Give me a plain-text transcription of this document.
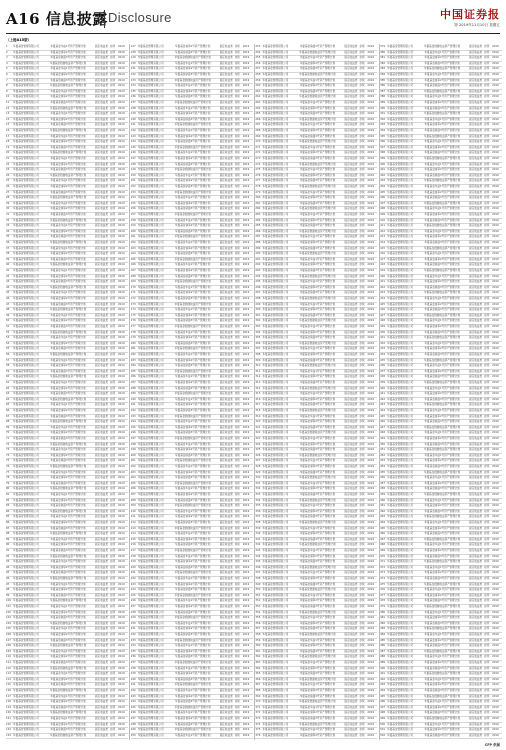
A16 信息披露 Disclosure	中国证券报
第 2019年11月10日 星期五
（上接A15版）
1	华夏基金管理有限公司	华夏基金华益1号资产管理计划	固定收益类 存续	2019
2	华夏基金管理有限公司	华夏基金睿享2号资产管理计划	固定收益类 存续	2019
3	华夏基金管理有限公司	华夏基金鼎盛3号资产管理计划	固定收益类 存续	2019
4	华夏基金管理有限公司	华夏基金稳健收益资产管理计划	固定收益类 存续	2019
5	华夏基金管理有限公司	华夏基金华益1号资产管理计划	固定收益类 存续	2019
6	华夏基金管理有限公司	华夏基金睿享2号资产管理计划	固定收益类 存续	2019
7	华夏基金管理有限公司	华夏基金鼎盛3号资产管理计划	固定收益类 存续	2019
8	华夏基金管理有限公司	华夏基金稳健收益资产管理计划	固定收益类 存续	2019
9	华夏基金管理有限公司	华夏基金华益1号资产管理计划	固定收益类 存续	2019
10	华夏基金管理有限公司	华夏基金睿享2号资产管理计划	固定收益类 存续	2019
11	华夏基金管理有限公司	华夏基金鼎盛3号资产管理计划	固定收益类 存续	2019
12	华夏基金管理有限公司	华夏基金稳健收益资产管理计划	固定收益类 存续	2019
13	华夏基金管理有限公司	华夏基金华益1号资产管理计划	固定收益类 存续	2019
14	华夏基金管理有限公司	华夏基金睿享2号资产管理计划	固定收益类 存续	2019
15	华夏基金管理有限公司	华夏基金鼎盛3号资产管理计划	固定收益类 存续	2019
16	华夏基金管理有限公司	华夏基金稳健收益资产管理计划	固定收益类 存续	2019
17	华夏基金管理有限公司	华夏基金华益1号资产管理计划	固定收益类 存续	2019
18	华夏基金管理有限公司	华夏基金睿享2号资产管理计划	固定收益类 存续	2019
19	华夏基金管理有限公司	华夏基金鼎盛3号资产管理计划	固定收益类 存续	2019
20	华夏基金管理有限公司	华夏基金稳健收益资产管理计划	固定收益类 存续	2019
21	华夏基金管理有限公司	华夏基金华益1号资产管理计划	固定收益类 存续	2019
22	华夏基金管理有限公司	华夏基金睿享2号资产管理计划	固定收益类 存续	2019
23	华夏基金管理有限公司	华夏基金鼎盛3号资产管理计划	固定收益类 存续	2019
24	华夏基金管理有限公司	华夏基金稳健收益资产管理计划	固定收益类 存续	2019
25	华夏基金管理有限公司	华夏基金华益1号资产管理计划	固定收益类 存续	2019
26	华夏基金管理有限公司	华夏基金睿享2号资产管理计划	固定收益类 存续	2019
27	华夏基金管理有限公司	华夏基金鼎盛3号资产管理计划	固定收益类 存续	2019
28	华夏基金管理有限公司	华夏基金稳健收益资产管理计划	固定收益类 存续	2019
29	华夏基金管理有限公司	华夏基金华益1号资产管理计划	固定收益类 存续	2019
30	华夏基金管理有限公司	华夏基金睿享2号资产管理计划	固定收益类 存续	2019
31	华夏基金管理有限公司	华夏基金鼎盛3号资产管理计划	固定收益类 存续	2019
32	华夏基金管理有限公司	华夏基金稳健收益资产管理计划	固定收益类 存续	2019
33	华夏基金管理有限公司	华夏基金华益1号资产管理计划	固定收益类 存续	2019
34	华夏基金管理有限公司	华夏基金睿享2号资产管理计划	固定收益类 存续	2019
35	华夏基金管理有限公司	华夏基金鼎盛3号资产管理计划	固定收益类 存续	2019
36	华夏基金管理有限公司	华夏基金稳健收益资产管理计划	固定收益类 存续	2019
37	华夏基金管理有限公司	华夏基金华益1号资产管理计划	固定收益类 存续	2019
38	华夏基金管理有限公司	华夏基金睿享2号资产管理计划	固定收益类 存续	2019
39	华夏基金管理有限公司	华夏基金鼎盛3号资产管理计划	固定收益类 存续	2019
40	华夏基金管理有限公司	华夏基金稳健收益资产管理计划	固定收益类 存续	2019
41	华夏基金管理有限公司	华夏基金华益1号资产管理计划	固定收益类 存续	2019
42	华夏基金管理有限公司	华夏基金睿享2号资产管理计划	固定收益类 存续	2019
43	华夏基金管理有限公司	华夏基金鼎盛3号资产管理计划	固定收益类 存续	2019
44	华夏基金管理有限公司	华夏基金稳健收益资产管理计划	固定收益类 存续	2019
45	华夏基金管理有限公司	华夏基金华益1号资产管理计划	固定收益类 存续	2019
46	华夏基金管理有限公司	华夏基金睿享2号资产管理计划	固定收益类 存续	2019
47	华夏基金管理有限公司	华夏基金鼎盛3号资产管理计划	固定收益类 存续	2019
48	华夏基金管理有限公司	华夏基金稳健收益资产管理计划	固定收益类 存续	2019
49	华夏基金管理有限公司	华夏基金华益1号资产管理计划	固定收益类 存续	2019
50	华夏基金管理有限公司	华夏基金睿享2号资产管理计划	固定收益类 存续	2019
51	华夏基金管理有限公司	华夏基金鼎盛3号资产管理计划	固定收益类 存续	2019
52	华夏基金管理有限公司	华夏基金稳健收益资产管理计划	固定收益类 存续	2019
53	华夏基金管理有限公司	华夏基金华益1号资产管理计划	固定收益类 存续	2019
54	华夏基金管理有限公司	华夏基金睿享2号资产管理计划	固定收益类 存续	2019
55	华夏基金管理有限公司	华夏基金鼎盛3号资产管理计划	固定收益类 存续	2019
56	华夏基金管理有限公司	华夏基金稳健收益资产管理计划	固定收益类 存续	2019
57	华夏基金管理有限公司	华夏基金华益1号资产管理计划	固定收益类 存续	2019
58	华夏基金管理有限公司	华夏基金睿享2号资产管理计划	固定收益类 存续	2019
59	华夏基金管理有限公司	华夏基金鼎盛3号资产管理计划	固定收益类 存续	2019
60	华夏基金管理有限公司	华夏基金稳健收益资产管理计划	固定收益类 存续	2019
61	华夏基金管理有限公司	华夏基金华益1号资产管理计划	固定收益类 存续	2019
62	华夏基金管理有限公司	华夏基金睿享2号资产管理计划	固定收益类 存续	2019
63	华夏基金管理有限公司	华夏基金鼎盛3号资产管理计划	固定收益类 存续	2019
64	华夏基金管理有限公司	华夏基金稳健收益资产管理计划	固定收益类 存续	2019
65	华夏基金管理有限公司	华夏基金华益1号资产管理计划	固定收益类 存续	2019
66	华夏基金管理有限公司	华夏基金睿享2号资产管理计划	固定收益类 存续	2019
67	华夏基金管理有限公司	华夏基金鼎盛3号资产管理计划	固定收益类 存续	2019
68	华夏基金管理有限公司	华夏基金稳健收益资产管理计划	固定收益类 存续	2019
69	华夏基金管理有限公司	华夏基金华益1号资产管理计划	固定收益类 存续	2019
70	华夏基金管理有限公司	华夏基金睿享2号资产管理计划	固定收益类 存续	2019
71	华夏基金管理有限公司	华夏基金鼎盛3号资产管理计划	固定收益类 存续	2019
72	华夏基金管理有限公司	华夏基金稳健收益资产管理计划	固定收益类 存续	2019
73	华夏基金管理有限公司	华夏基金华益1号资产管理计划	固定收益类 存续	2019
74	华夏基金管理有限公司	华夏基金睿享2号资产管理计划	固定收益类 存续	2019
75	华夏基金管理有限公司	华夏基金鼎盛3号资产管理计划	固定收益类 存续	2019
76	华夏基金管理有限公司	华夏基金稳健收益资产管理计划	固定收益类 存续	2019
77	华夏基金管理有限公司	华夏基金华益1号资产管理计划	固定收益类 存续	2019
78	华夏基金管理有限公司	华夏基金睿享2号资产管理计划	固定收益类 存续	2019
79	华夏基金管理有限公司	华夏基金鼎盛3号资产管理计划	固定收益类 存续	2019
80	华夏基金管理有限公司	华夏基金稳健收益资产管理计划	固定收益类 存续	2019
81	华夏基金管理有限公司	华夏基金华益1号资产管理计划	固定收益类 存续	2019
82	华夏基金管理有限公司	华夏基金睿享2号资产管理计划	固定收益类 存续	2019
83	华夏基金管理有限公司	华夏基金鼎盛3号资产管理计划	固定收益类 存续	2019
84	华夏基金管理有限公司	华夏基金稳健收益资产管理计划	固定收益类 存续	2019
85	华夏基金管理有限公司	华夏基金华益1号资产管理计划	固定收益类 存续	2019
86	华夏基金管理有限公司	华夏基金睿享2号资产管理计划	固定收益类 存续	2019
87	华夏基金管理有限公司	华夏基金鼎盛3号资产管理计划	固定收益类 存续	2019
88	华夏基金管理有限公司	华夏基金稳健收益资产管理计划	固定收益类 存续	2019
89	华夏基金管理有限公司	华夏基金华益1号资产管理计划	固定收益类 存续	2019
90	华夏基金管理有限公司	华夏基金睿享2号资产管理计划	固定收益类 存续	2019
91	华夏基金管理有限公司	华夏基金鼎盛3号资产管理计划	固定收益类 存续	2019
92	华夏基金管理有限公司	华夏基金稳健收益资产管理计划	固定收益类 存续	2019
93	华夏基金管理有限公司	华夏基金华益1号资产管理计划	固定收益类 存续	2019
94	华夏基金管理有限公司	华夏基金睿享2号资产管理计划	固定收益类 存续	2019
95	华夏基金管理有限公司	华夏基金鼎盛3号资产管理计划	固定收益类 存续	2019
96	华夏基金管理有限公司	华夏基金稳健收益资产管理计划	固定收益类 存续	2019
97	华夏基金管理有限公司	华夏基金华益1号资产管理计划	固定收益类 存续	2019
98	华夏基金管理有限公司	华夏基金睿享2号资产管理计划	固定收益类 存续	2019
99	华夏基金管理有限公司	华夏基金鼎盛3号资产管理计划	固定收益类 存续	2019
100 华夏基金管理有限公司	华夏基金稳健收益资产管理计划	固定收益类 存续	2019
101 华夏基金管理有限公司	华夏基金华益1号资产管理计划	固定收益类 存续	2019
102 华夏基金管理有限公司	华夏基金睿享2号资产管理计划	固定收益类 存续	2019
103 华夏基金管理有限公司	华夏基金鼎盛3号资产管理计划	固定收益类 存续	2019
104 华夏基金管理有限公司	华夏基金稳健收益资产管理计划	固定收益类 存续	2019
105 华夏基金管理有限公司	华夏基金华益1号资产管理计划	固定收益类 存续	2019
106 华夏基金管理有限公司	华夏基金睿享2号资产管理计划	固定收益类 存续	2019
107 华夏基金管理有限公司	华夏基金鼎盛3号资产管理计划	固定收益类 存续	2019
108 华夏基金管理有限公司	华夏基金稳健收益资产管理计划	固定收益类 存续	2019
109 华夏基金管理有限公司	华夏基金华益1号资产管理计划	固定收益类 存续	2019
110 华夏基金管理有限公司	华夏基金睿享2号资产管理计划	固定收益类 存续	2019
111 华夏基金管理有限公司	华夏基金鼎盛3号资产管理计划	固定收益类 存续	2019
112 华夏基金管理有限公司	华夏基金稳健收益资产管理计划	固定收益类 存续	2019
113 华夏基金管理有限公司	华夏基金华益1号资产管理计划	固定收益类 存续	2019
114 华夏基金管理有限公司	华夏基金睿享2号资产管理计划	固定收益类 存续	2019
115 华夏基金管理有限公司	华夏基金鼎盛3号资产管理计划	固定收益类 存续	2019
116 华夏基金管理有限公司	华夏基金稳健收益资产管理计划	固定收益类 存续	2019
117 华夏基金管理有限公司	华夏基金华益1号资产管理计划	固定收益类 存续	2019
118 华夏基金管理有限公司	华夏基金睿享2号资产管理计划	固定收益类 存续	2019
119 华夏基金管理有限公司	华夏基金鼎盛3号资产管理计划	固定收益类 存续	2019
120 华夏基金管理有限公司	华夏基金稳健收益资产管理计划	固定收益类 存续	2019
121 华夏基金管理有限公司	华夏基金华益1号资产管理计划	固定收益类 存续	2019
122 华夏基金管理有限公司	华夏基金睿享2号资产管理计划	固定收益类 存续	2019
123 华夏基金管理有限公司	华夏基金鼎盛3号资产管理计划	固定收益类 存续	2019
124 华夏基金管理有限公司	华夏基金稳健收益资产管理计划	固定收益类 存续	2019
127 华夏基金管理有限公司	华夏基金睿享2号资产管理计划	固定收益类 存续	2019
128 华夏基金管理有限公司	华夏基金鼎盛3号资产管理计划	固定收益类 存续	2019
129 华夏基金管理有限公司	华夏基金稳健收益资产管理计划	固定收益类 存续	2019
130 华夏基金管理有限公司	华夏基金华益1号资产管理计划	固定收益类 存续	2019
131 华夏基金管理有限公司	华夏基金睿享2号资产管理计划	固定收益类 存续	2019
132 华夏基金管理有限公司	华夏基金鼎盛3号资产管理计划	固定收益类 存续	2019
133 华夏基金管理有限公司	华夏基金稳健收益资产管理计划	固定收益类 存续	2019
134 华夏基金管理有限公司	华夏基金华益1号资产管理计划	固定收益类 存续	2019
135 华夏基金管理有限公司	华夏基金睿享2号资产管理计划	固定收益类 存续	2019
136 华夏基金管理有限公司	华夏基金鼎盛3号资产管理计划	固定收益类 存续	2019
137 华夏基金管理有限公司	华夏基金稳健收益资产管理计划	固定收益类 存续	2019
138 华夏基金管理有限公司	华夏基金华益1号资产管理计划	固定收益类 存续	2019
139 华夏基金管理有限公司	华夏基金睿享2号资产管理计划	固定收益类 存续	2019
140 华夏基金管理有限公司	华夏基金鼎盛3号资产管理计划	固定收益类 存续	2019
141 华夏基金管理有限公司	华夏基金稳健收益资产管理计划	固定收益类 存续	2019
142 华夏基金管理有限公司	华夏基金华益1号资产管理计划	固定收益类 存续	2019
143 华夏基金管理有限公司	华夏基金睿享2号资产管理计划	固定收益类 存续	2019
144 华夏基金管理有限公司	华夏基金鼎盛3号资产管理计划	固定收益类 存续	2019
145 华夏基金管理有限公司	华夏基金稳健收益资产管理计划	固定收益类 存续	2019
146 华夏基金管理有限公司	华夏基金华益1号资产管理计划	固定收益类 存续	2019
147 华夏基金管理有限公司	华夏基金睿享2号资产管理计划	固定收益类 存续	2019
148 华夏基金管理有限公司	华夏基金鼎盛3号资产管理计划	固定收益类 存续	2019
149 华夏基金管理有限公司	华夏基金稳健收益资产管理计划	固定收益类 存续	2019
150 华夏基金管理有限公司	华夏基金华益1号资产管理计划	固定收益类 存续	2019
151 华夏基金管理有限公司	华夏基金睿享2号资产管理计划	固定收益类 存续	2019
152 华夏基金管理有限公司	华夏基金鼎盛3号资产管理计划	固定收益类 存续	2019
153 华夏基金管理有限公司	华夏基金稳健收益资产管理计划	固定收益类 存续	2019
154 华夏基金管理有限公司	华夏基金华益1号资产管理计划	固定收益类 存续	2019
155 华夏基金管理有限公司	华夏基金睿享2号资产管理计划	固定收益类 存续	2019
156 华夏基金管理有限公司	华夏基金鼎盛3号资产管理计划	固定收益类 存续	2019
157 华夏基金管理有限公司	华夏基金稳健收益资产管理计划	固定收益类 存续	2019
158 华夏基金管理有限公司	华夏基金华益1号资产管理计划	固定收益类 存续	2019
159 华夏基金管理有限公司	华夏基金睿享2号资产管理计划	固定收益类 存续	2019
160 华夏基金管理有限公司	华夏基金鼎盛3号资产管理计划	固定收益类 存续	2019
161 华夏基金管理有限公司	华夏基金稳健收益资产管理计划	固定收益类 存续	2019
162 华夏基金管理有限公司	华夏基金华益1号资产管理计划	固定收益类 存续	2019
163 华夏基金管理有限公司	华夏基金睿享2号资产管理计划	固定收益类 存续	2019
164 华夏基金管理有限公司	华夏基金鼎盛3号资产管理计划	固定收益类 存续	2019
165 华夏基金管理有限公司	华夏基金稳健收益资产管理计划	固定收益类 存续	2019
166 华夏基金管理有限公司	华夏基金华益1号资产管理计划	固定收益类 存续	2019
167 华夏基金管理有限公司	华夏基金睿享2号资产管理计划	固定收益类 存续	2019
168 华夏基金管理有限公司	华夏基金鼎盛3号资产管理计划	固定收益类 存续	2019
169 华夏基金管理有限公司	华夏基金稳健收益资产管理计划	固定收益类 存续	2019
170 华夏基金管理有限公司	华夏基金华益1号资产管理计划	固定收益类 存续	2019
171 华夏基金管理有限公司	华夏基金睿享2号资产管理计划	固定收益类 存续	2019
172 华夏基金管理有限公司	华夏基金鼎盛3号资产管理计划	固定收益类 存续	2019
173 华夏基金管理有限公司	华夏基金稳健收益资产管理计划	固定收益类 存续	2019
174 华夏基金管理有限公司	华夏基金华益1号资产管理计划	固定收益类 存续	2019
175 华夏基金管理有限公司	华夏基金睿享2号资产管理计划	固定收益类 存续	2019
176 华夏基金管理有限公司	华夏基金鼎盛3号资产管理计划	固定收益类 存续	2019
177 华夏基金管理有限公司	华夏基金稳健收益资产管理计划	固定收益类 存续	2019
178 华夏基金管理有限公司	华夏基金华益1号资产管理计划	固定收益类 存续	2019
179 华夏基金管理有限公司	华夏基金睿享2号资产管理计划	固定收益类 存续	2019
180 华夏基金管理有限公司	华夏基金鼎盛3号资产管理计划	固定收益类 存续	2019
181 华夏基金管理有限公司	华夏基金稳健收益资产管理计划	固定收益类 存续	2019
182 华夏基金管理有限公司	华夏基金华益1号资产管理计划	固定收益类 存续	2019
183 华夏基金管理有限公司	华夏基金睿享2号资产管理计划	固定收益类 存续	2019
184 华夏基金管理有限公司	华夏基金鼎盛3号资产管理计划	固定收益类 存续	2019
185 华夏基金管理有限公司	华夏基金稳健收益资产管理计划	固定收益类 存续	2019
186 华夏基金管理有限公司	华夏基金华益1号资产管理计划	固定收益类 存续	2019
187 华夏基金管理有限公司	华夏基金睿享2号资产管理计划	固定收益类 存续	2019
188 华夏基金管理有限公司	华夏基金鼎盛3号资产管理计划	固定收益类 存续	2019
189 华夏基金管理有限公司	华夏基金稳健收益资产管理计划	固定收益类 存续	2019
190 华夏基金管理有限公司	华夏基金华益1号资产管理计划	固定收益类 存续	2019
191 华夏基金管理有限公司	华夏基金睿享2号资产管理计划	固定收益类 存续	2019
192 华夏基金管理有限公司	华夏基金鼎盛3号资产管理计划	固定收益类 存续	2019
193 华夏基金管理有限公司	华夏基金稳健收益资产管理计划	固定收益类 存续	2019
194 华夏基金管理有限公司	华夏基金华益1号资产管理计划	固定收益类 存续	2019
195 华夏基金管理有限公司	华夏基金睿享2号资产管理计划	固定收益类 存续	2019
196 华夏基金管理有限公司	华夏基金鼎盛3号资产管理计划	固定收益类 存续	2019
197 华夏基金管理有限公司	华夏基金稳健收益资产管理计划	固定收益类 存续	2019
198 华夏基金管理有限公司	华夏基金华益1号资产管理计划	固定收益类 存续	2019
199 华夏基金管理有限公司	华夏基金睿享2号资产管理计划	固定收益类 存续	2019
200 华夏基金管理有限公司	华夏基金鼎盛3号资产管理计划	固定收益类 存续	2019
201 华夏基金管理有限公司	华夏基金稳健收益资产管理计划	固定收益类 存续	2019
202 华夏基金管理有限公司	华夏基金华益1号资产管理计划	固定收益类 存续	2019
203 华夏基金管理有限公司	华夏基金睿享2号资产管理计划	固定收益类 存续	2019
204 华夏基金管理有限公司	华夏基金鼎盛3号资产管理计划	固定收益类 存续	2019
205 华夏基金管理有限公司	华夏基金稳健收益资产管理计划	固定收益类 存续	2019
206 华夏基金管理有限公司	华夏基金华益1号资产管理计划	固定收益类 存续	2019
207 华夏基金管理有限公司	华夏基金睿享2号资产管理计划	固定收益类 存续	2019
208 华夏基金管理有限公司	华夏基金鼎盛3号资产管理计划	固定收益类 存续	2019
209 华夏基金管理有限公司	华夏基金稳健收益资产管理计划	固定收益类 存续	2019
210 华夏基金管理有限公司	华夏基金华益1号资产管理计划	固定收益类 存续	2019
211 华夏基金管理有限公司	华夏基金睿享2号资产管理计划	固定收益类 存续	2019
212 华夏基金管理有限公司	华夏基金鼎盛3号资产管理计划	固定收益类 存续	2019
213 华夏基金管理有限公司	华夏基金稳健收益资产管理计划	固定收益类 存续	2019
214 华夏基金管理有限公司	华夏基金华益1号资产管理计划	固定收益类 存续	2019
215 华夏基金管理有限公司	华夏基金睿享2号资产管理计划	固定收益类 存续	2019
216 华夏基金管理有限公司	华夏基金鼎盛3号资产管理计划	固定收益类 存续	2019
217 华夏基金管理有限公司	华夏基金稳健收益资产管理计划	固定收益类 存续	2019
218 华夏基金管理有限公司	华夏基金华益1号资产管理计划	固定收益类 存续	2019
219 华夏基金管理有限公司	华夏基金睿享2号资产管理计划	固定收益类 存续	2019
220 华夏基金管理有限公司	华夏基金鼎盛3号资产管理计划	固定收益类 存续	2019
221 华夏基金管理有限公司	华夏基金稳健收益资产管理计划	固定收益类 存续	2019
222 华夏基金管理有限公司	华夏基金华益1号资产管理计划	固定收益类 存续	2019
223 华夏基金管理有限公司	华夏基金睿享2号资产管理计划	固定收益类 存续	2019
224 华夏基金管理有限公司	华夏基金鼎盛3号资产管理计划	固定收益类 存续	2019
225 华夏基金管理有限公司	华夏基金稳健收益资产管理计划	固定收益类 存续	2019
226 华夏基金管理有限公司	华夏基金华益1号资产管理计划	固定收益类 存续	2019
227 华夏基金管理有限公司	华夏基金睿享2号资产管理计划	固定收益类 存续	2019
228 华夏基金管理有限公司	华夏基金鼎盛3号资产管理计划	固定收益类 存续	2019
229 华夏基金管理有限公司	华夏基金稳健收益资产管理计划	固定收益类 存续	2019
230 华夏基金管理有限公司	华夏基金华益1号资产管理计划	固定收益类 存续	2019
231 华夏基金管理有限公司	华夏基金睿享2号资产管理计划	固定收益类 存续	2019
232 华夏基金管理有限公司	华夏基金鼎盛3号资产管理计划	固定收益类 存续	2019
233 华夏基金管理有限公司	华夏基金稳健收益资产管理计划	固定收益类 存续	2019
234 华夏基金管理有限公司	华夏基金华益1号资产管理计划	固定收益类 存续	2019
235 华夏基金管理有限公司	华夏基金睿享2号资产管理计划	固定收益类 存续	2019
236 华夏基金管理有限公司	华夏基金鼎盛3号资产管理计划	固定收益类 存续	2019
237 华夏基金管理有限公司	华夏基金稳健收益资产管理计划	固定收益类 存续	2019
238 华夏基金管理有限公司	华夏基金华益1号资产管理计划	固定收益类 存续	2019
239 华夏基金管理有限公司	华夏基金睿享2号资产管理计划	固定收益类 存续	2019
240 华夏基金管理有限公司	华夏基金鼎盛3号资产管理计划	固定收益类 存续	2019
241 华夏基金管理有限公司	华夏基金稳健收益资产管理计划	固定收益类 存续	2019
242 华夏基金管理有限公司	华夏基金华益1号资产管理计划	固定收益类 存续	2019
243 华夏基金管理有限公司	华夏基金睿享2号资产管理计划	固定收益类 存续	2019
244 华夏基金管理有限公司	华夏基金鼎盛3号资产管理计划	固定收益类 存续	2019
245 华夏基金管理有限公司	华夏基金稳健收益资产管理计划	固定收益类 存续	2019
246 华夏基金管理有限公司	华夏基金华益1号资产管理计划	固定收益类 存续	2019
247 华夏基金管理有限公司	华夏基金睿享2号资产管理计划	固定收益类 存续	2019
248 华夏基金管理有限公司	华夏基金鼎盛3号资产管理计划	固定收益类 存续	2019
249 华夏基金管理有限公司	华夏基金稳健收益资产管理计划	固定收益类 存续	2019
250 华夏基金管理有限公司	华夏基金华益1号资产管理计划	固定收益类 存续	2019
253 华夏基金管理有限公司	华夏基金鼎盛3号资产管理计划	固定收益类 存续	2019
254 华夏基金管理有限公司	华夏基金稳健收益资产管理计划	固定收益类 存续	2019
255 华夏基金管理有限公司	华夏基金华益1号资产管理计划	固定收益类 存续	2019
256 华夏基金管理有限公司	华夏基金睿享2号资产管理计划	固定收益类 存续	2019
257 华夏基金管理有限公司	华夏基金鼎盛3号资产管理计划	固定收益类 存续	2019
258 华夏基金管理有限公司	华夏基金稳健收益资产管理计划	固定收益类 存续	2019
259 华夏基金管理有限公司	华夏基金华益1号资产管理计划	固定收益类 存续	2019
260 华夏基金管理有限公司	华夏基金睿享2号资产管理计划	固定收益类 存续	2019
261 华夏基金管理有限公司	华夏基金鼎盛3号资产管理计划	固定收益类 存续	2019
262 华夏基金管理有限公司	华夏基金稳健收益资产管理计划	固定收益类 存续	2019
263 华夏基金管理有限公司	华夏基金华益1号资产管理计划	固定收益类 存续	2019
264 华夏基金管理有限公司	华夏基金睿享2号资产管理计划	固定收益类 存续	2019
265 华夏基金管理有限公司	华夏基金鼎盛3号资产管理计划	固定收益类 存续	2019
266 华夏基金管理有限公司	华夏基金稳健收益资产管理计划	固定收益类 存续	2019
267 华夏基金管理有限公司	华夏基金华益1号资产管理计划	固定收益类 存续	2019
268 华夏基金管理有限公司	华夏基金睿享2号资产管理计划	固定收益类 存续	2019
269 华夏基金管理有限公司	华夏基金鼎盛3号资产管理计划	固定收益类 存续	2019
270 华夏基金管理有限公司	华夏基金稳健收益资产管理计划	固定收益类 存续	2019
271 华夏基金管理有限公司	华夏基金华益1号资产管理计划	固定收益类 存续	2019
272 华夏基金管理有限公司	华夏基金睿享2号资产管理计划	固定收益类 存续	2019
273 华夏基金管理有限公司	华夏基金鼎盛3号资产管理计划	固定收益类 存续	2019
274 华夏基金管理有限公司	华夏基金稳健收益资产管理计划	固定收益类 存续	2019
275 华夏基金管理有限公司	华夏基金华益1号资产管理计划	固定收益类 存续	2019
276 华夏基金管理有限公司	华夏基金睿享2号资产管理计划	固定收益类 存续	2019
277 华夏基金管理有限公司	华夏基金鼎盛3号资产管理计划	固定收益类 存续	2019
278 华夏基金管理有限公司	华夏基金稳健收益资产管理计划	固定收益类 存续	2019
279 华夏基金管理有限公司	华夏基金华益1号资产管理计划	固定收益类 存续	2019
280 华夏基金管理有限公司	华夏基金睿享2号资产管理计划	固定收益类 存续	2019
281 华夏基金管理有限公司	华夏基金鼎盛3号资产管理计划	固定收益类 存续	2019
282 华夏基金管理有限公司	华夏基金稳健收益资产管理计划	固定收益类 存续	2019
283 华夏基金管理有限公司	华夏基金华益1号资产管理计划	固定收益类 存续	2019
284 华夏基金管理有限公司	华夏基金睿享2号资产管理计划	固定收益类 存续	2019
285 华夏基金管理有限公司	华夏基金鼎盛3号资产管理计划	固定收益类 存续	2019
286 华夏基金管理有限公司	华夏基金稳健收益资产管理计划	固定收益类 存续	2019
287 华夏基金管理有限公司	华夏基金华益1号资产管理计划	固定收益类 存续	2019
288 华夏基金管理有限公司	华夏基金睿享2号资产管理计划	固定收益类 存续	2019
289 华夏基金管理有限公司	华夏基金鼎盛3号资产管理计划	固定收益类 存续	2019
290 华夏基金管理有限公司	华夏基金稳健收益资产管理计划	固定收益类 存续	2019
291 华夏基金管理有限公司	华夏基金华益1号资产管理计划	固定收益类 存续	2019
292 华夏基金管理有限公司	华夏基金睿享2号资产管理计划	固定收益类 存续	2019
293 华夏基金管理有限公司	华夏基金鼎盛3号资产管理计划	固定收益类 存续	2019
294 华夏基金管理有限公司	华夏基金稳健收益资产管理计划	固定收益类 存续	2019
295 华夏基金管理有限公司	华夏基金华益1号资产管理计划	固定收益类 存续	2019
296 华夏基金管理有限公司	华夏基金睿享2号资产管理计划	固定收益类 存续	2019
297 华夏基金管理有限公司	华夏基金鼎盛3号资产管理计划	固定收益类 存续	2019
298 华夏基金管理有限公司	华夏基金稳健收益资产管理计划	固定收益类 存续	2019
299 华夏基金管理有限公司	华夏基金华益1号资产管理计划	固定收益类 存续	2019
300 华夏基金管理有限公司	华夏基金睿享2号资产管理计划	固定收益类 存续	2019
301 华夏基金管理有限公司	华夏基金鼎盛3号资产管理计划	固定收益类 存续	2019
302 华夏基金管理有限公司	华夏基金稳健收益资产管理计划	固定收益类 存续	2019
303 华夏基金管理有限公司	华夏基金华益1号资产管理计划	固定收益类 存续	2019
304 华夏基金管理有限公司	华夏基金睿享2号资产管理计划	固定收益类 存续	2019
305 华夏基金管理有限公司	华夏基金鼎盛3号资产管理计划	固定收益类 存续	2019
306 华夏基金管理有限公司	华夏基金稳健收益资产管理计划	固定收益类 存续	2019
307 华夏基金管理有限公司	华夏基金华益1号资产管理计划	固定收益类 存续	2019
308 华夏基金管理有限公司	华夏基金睿享2号资产管理计划	固定收益类 存续	2019
309 华夏基金管理有限公司	华夏基金鼎盛3号资产管理计划	固定收益类 存续	2019
310 华夏基金管理有限公司	华夏基金稳健收益资产管理计划	固定收益类 存续	2019
311 华夏基金管理有限公司	华夏基金华益1号资产管理计划	固定收益类 存续	2019
312 华夏基金管理有限公司	华夏基金睿享2号资产管理计划	固定收益类 存续	2019
313 华夏基金管理有限公司	华夏基金鼎盛3号资产管理计划	固定收益类 存续	2019
314 华夏基金管理有限公司	华夏基金稳健收益资产管理计划	固定收益类 存续	2019
315 华夏基金管理有限公司	华夏基金华益1号资产管理计划	固定收益类 存续	2019
316 华夏基金管理有限公司	华夏基金睿享2号资产管理计划	固定收益类 存续	2019
317 华夏基金管理有限公司	华夏基金鼎盛3号资产管理计划	固定收益类 存续	2019
318 华夏基金管理有限公司	华夏基金稳健收益资产管理计划	固定收益类 存续	2019
319 华夏基金管理有限公司	华夏基金华益1号资产管理计划	固定收益类 存续	2019
320 华夏基金管理有限公司	华夏基金睿享2号资产管理计划	固定收益类 存续	2019
321 华夏基金管理有限公司	华夏基金鼎盛3号资产管理计划	固定收益类 存续	2019
322 华夏基金管理有限公司	华夏基金稳健收益资产管理计划	固定收益类 存续	2019
323 华夏基金管理有限公司	华夏基金华益1号资产管理计划	固定收益类 存续	2019
324 华夏基金管理有限公司	华夏基金睿享2号资产管理计划	固定收益类 存续	2019
325 华夏基金管理有限公司	华夏基金鼎盛3号资产管理计划	固定收益类 存续	2019
326 华夏基金管理有限公司	华夏基金稳健收益资产管理计划	固定收益类 存续	2019
327 华夏基金管理有限公司	华夏基金华益1号资产管理计划	固定收益类 存续	2019
328 华夏基金管理有限公司	华夏基金睿享2号资产管理计划	固定收益类 存续	2019
329 华夏基金管理有限公司	华夏基金鼎盛3号资产管理计划	固定收益类 存续	2019
330 华夏基金管理有限公司	华夏基金稳健收益资产管理计划	固定收益类 存续	2019
331 华夏基金管理有限公司	华夏基金华益1号资产管理计划	固定收益类 存续	2019
332 华夏基金管理有限公司	华夏基金睿享2号资产管理计划	固定收益类 存续	2019
333 华夏基金管理有限公司	华夏基金鼎盛3号资产管理计划	固定收益类 存续	2019
334 华夏基金管理有限公司	华夏基金稳健收益资产管理计划	固定收益类 存续	2019
335 华夏基金管理有限公司	华夏基金华益1号资产管理计划	固定收益类 存续	2019
336 华夏基金管理有限公司	华夏基金睿享2号资产管理计划	固定收益类 存续	2019
337 华夏基金管理有限公司	华夏基金鼎盛3号资产管理计划	固定收益类 存续	2019
338 华夏基金管理有限公司	华夏基金稳健收益资产管理计划	固定收益类 存续	2019
339 华夏基金管理有限公司	华夏基金华益1号资产管理计划	固定收益类 存续	2019
340 华夏基金管理有限公司	华夏基金睿享2号资产管理计划	固定收益类 存续	2019
341 华夏基金管理有限公司	华夏基金鼎盛3号资产管理计划	固定收益类 存续	2019
342 华夏基金管理有限公司	华夏基金稳健收益资产管理计划	固定收益类 存续	2019
343 华夏基金管理有限公司	华夏基金华益1号资产管理计划	固定收益类 存续	2019
344 华夏基金管理有限公司	华夏基金睿享2号资产管理计划	固定收益类 存续	2019
345 华夏基金管理有限公司	华夏基金鼎盛3号资产管理计划	固定收益类 存续	2019
346 华夏基金管理有限公司	华夏基金稳健收益资产管理计划	固定收益类 存续	2019
347 华夏基金管理有限公司	华夏基金华益1号资产管理计划	固定收益类 存续	2019
348 华夏基金管理有限公司	华夏基金睿享2号资产管理计划	固定收益类 存续	2019
349 华夏基金管理有限公司	华夏基金鼎盛3号资产管理计划	固定收益类 存续	2019
350 华夏基金管理有限公司	华夏基金稳健收益资产管理计划	固定收益类 存续	2019
351 华夏基金管理有限公司	华夏基金华益1号资产管理计划	固定收益类 存续	2019
352 华夏基金管理有限公司	华夏基金睿享2号资产管理计划	固定收益类 存续	2019
353 华夏基金管理有限公司	华夏基金鼎盛3号资产管理计划	固定收益类 存续	2019
354 华夏基金管理有限公司	华夏基金稳健收益资产管理计划	固定收益类 存续	2019
355 华夏基金管理有限公司	华夏基金华益1号资产管理计划	固定收益类 存续	2019
356 华夏基金管理有限公司	华夏基金睿享2号资产管理计划	固定收益类 存续	2019
357 华夏基金管理有限公司	华夏基金鼎盛3号资产管理计划	固定收益类 存续	2019
358 华夏基金管理有限公司	华夏基金稳健收益资产管理计划	固定收益类 存续	2019
359 华夏基金管理有限公司	华夏基金华益1号资产管理计划	固定收益类 存续	2019
360 华夏基金管理有限公司	华夏基金睿享2号资产管理计划	固定收益类 存续	2019
361 华夏基金管理有限公司	华夏基金鼎盛3号资产管理计划	固定收益类 存续	2019
362 华夏基金管理有限公司	华夏基金稳健收益资产管理计划	固定收益类 存续	2019
363 华夏基金管理有限公司	华夏基金华益1号资产管理计划	固定收益类 存续	2019
364 华夏基金管理有限公司	华夏基金睿享2号资产管理计划	固定收益类 存续	2019
365 华夏基金管理有限公司	华夏基金鼎盛3号资产管理计划	固定收益类 存续	2019
366 华夏基金管理有限公司	华夏基金稳健收益资产管理计划	固定收益类 存续	2019
367 华夏基金管理有限公司	华夏基金华益1号资产管理计划	固定收益类 存续	2019
368 华夏基金管理有限公司	华夏基金睿享2号资产管理计划	固定收益类 存续	2019
369 华夏基金管理有限公司	华夏基金鼎盛3号资产管理计划	固定收益类 存续	2019
370 华夏基金管理有限公司	华夏基金稳健收益资产管理计划	固定收益类 存续	2019
371 华夏基金管理有限公司	华夏基金华益1号资产管理计划	固定收益类 存续	2019
372 华夏基金管理有限公司	华夏基金睿享2号资产管理计划	固定收益类 存续	2019
373 华夏基金管理有限公司	华夏基金鼎盛3号资产管理计划	固定收益类 存续	2019
374 华夏基金管理有限公司	华夏基金稳健收益资产管理计划	固定收益类 存续	2019
375 华夏基金管理有限公司	华夏基金华益1号资产管理计划	固定收益类 存续	2019
376 华夏基金管理有限公司	华夏基金睿享2号资产管理计划	固定收益类 存续	2019
379 华夏基金管理有限公司	华夏基金稳健收益资产管理计划	固定收益类 存续	2019
380 华夏基金管理有限公司	华夏基金华益1号资产管理计划	固定收益类 存续	2019
381 华夏基金管理有限公司	华夏基金睿享2号资产管理计划	固定收益类 存续	2019
382 华夏基金管理有限公司	华夏基金鼎盛3号资产管理计划	固定收益类 存续	2019
383 华夏基金管理有限公司	华夏基金稳健收益资产管理计划	固定收益类 存续	2019
384 华夏基金管理有限公司	华夏基金华益1号资产管理计划	固定收益类 存续	2019
385 华夏基金管理有限公司	华夏基金睿享2号资产管理计划	固定收益类 存续	2019
386 华夏基金管理有限公司	华夏基金鼎盛3号资产管理计划	固定收益类 存续	2019
387 华夏基金管理有限公司	华夏基金稳健收益资产管理计划	固定收益类 存续	2019
388 华夏基金管理有限公司	华夏基金华益1号资产管理计划	固定收益类 存续	2019
389 华夏基金管理有限公司	华夏基金睿享2号资产管理计划	固定收益类 存续	2019
390 华夏基金管理有限公司	华夏基金鼎盛3号资产管理计划	固定收益类 存续	2019
391 华夏基金管理有限公司	华夏基金稳健收益资产管理计划	固定收益类 存续	2019
392 华夏基金管理有限公司	华夏基金华益1号资产管理计划	固定收益类 存续	2019
393 华夏基金管理有限公司	华夏基金睿享2号资产管理计划	固定收益类 存续	2019
394 华夏基金管理有限公司	华夏基金鼎盛3号资产管理计划	固定收益类 存续	2019
395 华夏基金管理有限公司	华夏基金稳健收益资产管理计划	固定收益类 存续	2019
396 华夏基金管理有限公司	华夏基金华益1号资产管理计划	固定收益类 存续	2019
397 华夏基金管理有限公司	华夏基金睿享2号资产管理计划	固定收益类 存续	2019
398 华夏基金管理有限公司	华夏基金鼎盛3号资产管理计划	固定收益类 存续	2019
399 华夏基金管理有限公司	华夏基金稳健收益资产管理计划	固定收益类 存续	2019
400 华夏基金管理有限公司	华夏基金华益1号资产管理计划	固定收益类 存续	2019
401 华夏基金管理有限公司	华夏基金睿享2号资产管理计划	固定收益类 存续	2019
402 华夏基金管理有限公司	华夏基金鼎盛3号资产管理计划	固定收益类 存续	2019
403 华夏基金管理有限公司	华夏基金稳健收益资产管理计划	固定收益类 存续	2019
404 华夏基金管理有限公司	华夏基金华益1号资产管理计划	固定收益类 存续	2019
405 华夏基金管理有限公司	华夏基金睿享2号资产管理计划	固定收益类 存续	2019
406 华夏基金管理有限公司	华夏基金鼎盛3号资产管理计划	固定收益类 存续	2019
407 华夏基金管理有限公司	华夏基金稳健收益资产管理计划	固定收益类 存续	2019
408 华夏基金管理有限公司	华夏基金华益1号资产管理计划	固定收益类 存续	2019
409 华夏基金管理有限公司	华夏基金睿享2号资产管理计划	固定收益类 存续	2019
410 华夏基金管理有限公司	华夏基金鼎盛3号资产管理计划	固定收益类 存续	2019
411 华夏基金管理有限公司	华夏基金稳健收益资产管理计划	固定收益类 存续	2019
412 华夏基金管理有限公司	华夏基金华益1号资产管理计划	固定收益类 存续	2019
413 华夏基金管理有限公司	华夏基金睿享2号资产管理计划	固定收益类 存续	2019
414 华夏基金管理有限公司	华夏基金鼎盛3号资产管理计划	固定收益类 存续	2019
415 华夏基金管理有限公司	华夏基金稳健收益资产管理计划	固定收益类 存续	2019
416 华夏基金管理有限公司	华夏基金华益1号资产管理计划	固定收益类 存续	2019
417 华夏基金管理有限公司	华夏基金睿享2号资产管理计划	固定收益类 存续	2019
418 华夏基金管理有限公司	华夏基金鼎盛3号资产管理计划	固定收益类 存续	2019
419 华夏基金管理有限公司	华夏基金稳健收益资产管理计划	固定收益类 存续	2019
420 华夏基金管理有限公司	华夏基金华益1号资产管理计划	固定收益类 存续	2019
421 华夏基金管理有限公司	华夏基金睿享2号资产管理计划	固定收益类 存续	2019
422 华夏基金管理有限公司	华夏基金鼎盛3号资产管理计划	固定收益类 存续	2019
423 华夏基金管理有限公司	华夏基金稳健收益资产管理计划	固定收益类 存续	2019
424 华夏基金管理有限公司	华夏基金华益1号资产管理计划	固定收益类 存续	2019
425 华夏基金管理有限公司	华夏基金睿享2号资产管理计划	固定收益类 存续	2019
426 华夏基金管理有限公司	华夏基金鼎盛3号资产管理计划	固定收益类 存续	2019
427 华夏基金管理有限公司	华夏基金稳健收益资产管理计划	固定收益类 存续	2019
428 华夏基金管理有限公司	华夏基金华益1号资产管理计划	固定收益类 存续	2019
429 华夏基金管理有限公司	华夏基金睿享2号资产管理计划	固定收益类 存续	2019
430 华夏基金管理有限公司	华夏基金鼎盛3号资产管理计划	固定收益类 存续	2019
431 华夏基金管理有限公司	华夏基金稳健收益资产管理计划	固定收益类 存续	2019
432 华夏基金管理有限公司	华夏基金华益1号资产管理计划	固定收益类 存续	2019
433 华夏基金管理有限公司	华夏基金睿享2号资产管理计划	固定收益类 存续	2019
434 华夏基金管理有限公司	华夏基金鼎盛3号资产管理计划	固定收益类 存续	2019
435 华夏基金管理有限公司	华夏基金稳健收益资产管理计划	固定收益类 存续	2019
436 华夏基金管理有限公司	华夏基金华益1号资产管理计划	固定收益类 存续	2019
437 华夏基金管理有限公司	华夏基金睿享2号资产管理计划	固定收益类 存续	2019
438 华夏基金管理有限公司	华夏基金鼎盛3号资产管理计划	固定收益类 存续	2019
439 华夏基金管理有限公司	华夏基金稳健收益资产管理计划	固定收益类 存续	2019
440 华夏基金管理有限公司	华夏基金华益1号资产管理计划	固定收益类 存续	2019
441 华夏基金管理有限公司	华夏基金睿享2号资产管理计划	固定收益类 存续	2019
442 华夏基金管理有限公司	华夏基金鼎盛3号资产管理计划	固定收益类 存续	2019
443 华夏基金管理有限公司	华夏基金稳健收益资产管理计划	固定收益类 存续	2019
444 华夏基金管理有限公司	华夏基金华益1号资产管理计划	固定收益类 存续	2019
445 华夏基金管理有限公司	华夏基金睿享2号资产管理计划	固定收益类 存续	2019
446 华夏基金管理有限公司	华夏基金鼎盛3号资产管理计划	固定收益类 存续	2019
447 华夏基金管理有限公司	华夏基金稳健收益资产管理计划	固定收益类 存续	2019
448 华夏基金管理有限公司	华夏基金华益1号资产管理计划	固定收益类 存续	2019
449 华夏基金管理有限公司	华夏基金睿享2号资产管理计划	固定收益类 存续	2019
450 华夏基金管理有限公司	华夏基金鼎盛3号资产管理计划	固定收益类 存续	2019
451 华夏基金管理有限公司	华夏基金稳健收益资产管理计划	固定收益类 存续	2019
452 华夏基金管理有限公司	华夏基金华益1号资产管理计划	固定收益类 存续	2019
453 华夏基金管理有限公司	华夏基金睿享2号资产管理计划	固定收益类 存续	2019
454 华夏基金管理有限公司	华夏基金鼎盛3号资产管理计划	固定收益类 存续	2019
455 华夏基金管理有限公司	华夏基金稳健收益资产管理计划	固定收益类 存续	2019
456 华夏基金管理有限公司	华夏基金华益1号资产管理计划	固定收益类 存续	2019
457 华夏基金管理有限公司	华夏基金睿享2号资产管理计划	固定收益类 存续	2019
458 华夏基金管理有限公司	华夏基金鼎盛3号资产管理计划	固定收益类 存续	2019
459 华夏基金管理有限公司	华夏基金稳健收益资产管理计划	固定收益类 存续	2019
460 华夏基金管理有限公司	华夏基金华益1号资产管理计划	固定收益类 存续	2019
461 华夏基金管理有限公司	华夏基金睿享2号资产管理计划	固定收益类 存续	2019
462 华夏基金管理有限公司	华夏基金鼎盛3号资产管理计划	固定收益类 存续	2019
463 华夏基金管理有限公司	华夏基金稳健收益资产管理计划	固定收益类 存续	2019
464 华夏基金管理有限公司	华夏基金华益1号资产管理计划	固定收益类 存续	2019
465 华夏基金管理有限公司	华夏基金睿享2号资产管理计划	固定收益类 存续	2019
466 华夏基金管理有限公司	华夏基金鼎盛3号资产管理计划	固定收益类 存续	2019
467 华夏基金管理有限公司	华夏基金稳健收益资产管理计划	固定收益类 存续	2019
468 华夏基金管理有限公司	华夏基金华益1号资产管理计划	固定收益类 存续	2019
469 华夏基金管理有限公司	华夏基金睿享2号资产管理计划	固定收益类 存续	2019
470 华夏基金管理有限公司	华夏基金鼎盛3号资产管理计划	固定收益类 存续	2019
471 华夏基金管理有限公司	华夏基金稳健收益资产管理计划	固定收益类 存续	2019
472 华夏基金管理有限公司	华夏基金华益1号资产管理计划	固定收益类 存续	2019
473 华夏基金管理有限公司	华夏基金睿享2号资产管理计划	固定收益类 存续	2019
474 华夏基金管理有限公司	华夏基金鼎盛3号资产管理计划	固定收益类 存续	2019
475 华夏基金管理有限公司	华夏基金稳健收益资产管理计划	固定收益类 存续	2019
476 华夏基金管理有限公司	华夏基金华益1号资产管理计划	固定收益类 存续	2019
477 华夏基金管理有限公司	华夏基金睿享2号资产管理计划	固定收益类 存续	2019
478 华夏基金管理有限公司	华夏基金鼎盛3号资产管理计划	固定收益类 存续	2019
479 华夏基金管理有限公司	华夏基金稳健收益资产管理计划	固定收益类 存续	2019
480 华夏基金管理有限公司	华夏基金华益1号资产管理计划	固定收益类 存续	2019
481 华夏基金管理有限公司	华夏基金睿享2号资产管理计划	固定收益类 存续	2019
482 华夏基金管理有限公司	华夏基金鼎盛3号资产管理计划	固定收益类 存续	2019
483 华夏基金管理有限公司	华夏基金稳健收益资产管理计划	固定收益类 存续	2019
484 华夏基金管理有限公司	华夏基金华益1号资产管理计划	固定收益类 存续	2019
485 华夏基金管理有限公司	华夏基金睿享2号资产管理计划	固定收益类 存续	2019
486 华夏基金管理有限公司	华夏基金鼎盛3号资产管理计划	固定收益类 存续	2019
487 华夏基金管理有限公司	华夏基金稳健收益资产管理计划	固定收益类 存续	2019
488 华夏基金管理有限公司	华夏基金华益1号资产管理计划	固定收益类 存续	2019
489 华夏基金管理有限公司	华夏基金睿享2号资产管理计划	固定收益类 存续	2019
490 华夏基金管理有限公司	华夏基金鼎盛3号资产管理计划	固定收益类 存续	2019
491 华夏基金管理有限公司	华夏基金稳健收益资产管理计划	固定收益类 存续	2019
492 华夏基金管理有限公司	华夏基金华益1号资产管理计划	固定收益类 存续	2019
493 华夏基金管理有限公司	华夏基金睿享2号资产管理计划	固定收益类 存续	2019
494 华夏基金管理有限公司	华夏基金鼎盛3号资产管理计划	固定收益类 存续	2019
495 华夏基金管理有限公司	华夏基金稳健收益资产管理计划	固定收益类 存续	2019
496 华夏基金管理有限公司	华夏基金华益1号资产管理计划	固定收益类 存续	2019
497 华夏基金管理有限公司	华夏基金睿享2号资产管理计划	固定收益类 存续	2019
498 华夏基金管理有限公司	华夏基金鼎盛3号资产管理计划	固定收益类 存续	2019
499 华夏基金管理有限公司	华夏基金稳健收益资产管理计划	固定收益类 存续	2019
500 华夏基金管理有限公司	华夏基金华益1号资产管理计划	固定收益类 存续	2019
501 华夏基金管理有限公司	华夏基金睿享2号资产管理计划	固定收益类 存续	2019
502 华夏基金管理有限公司	华夏基金鼎盛3号资产管理计划	固定收益类 存续	2019
CFP 供图
